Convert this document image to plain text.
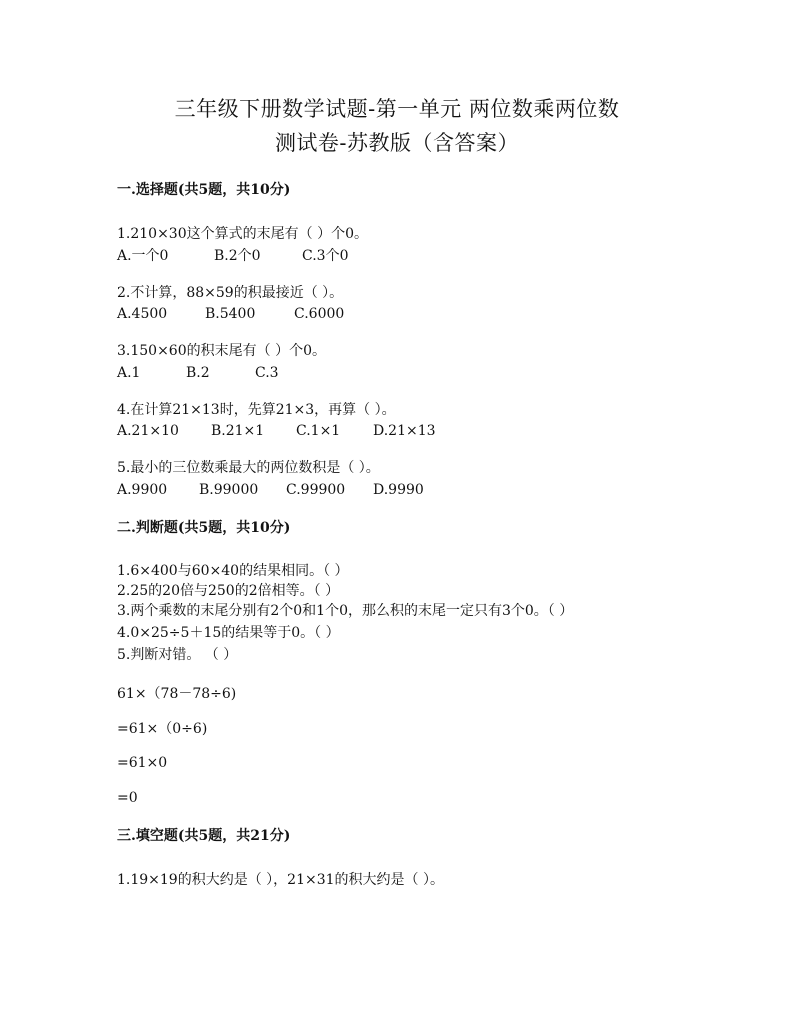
三年级下册数学试题-第一单元 两位数乘两位数
测试卷-苏教版（含答案）
一.选择题(共5题，共10分)
1.210×30这个算式的末尾有（ ）个0。
A.一个0	B.2个0	C.3个0
2.不计算，88×59的积最接近（ ）。
A.4500	B.5400	C.6000
3.150×60的积末尾有（ ）个0。
A.1	B.2	C.3
4.在计算21×13时，先算21×3，再算（ ）。
A.21×10 B.21×1 C.1×1 D.21×13
5.最小的三位数乘最大的两位数积是（ ）。
A.9900 B.99000 C.99900 D.9990
二.判断题(共5题，共10分)
1.6×400与60×40的结果相同。（ ）
2.25的20倍与250的2倍相等。（ ）
3.两个乘数的末尾分别有2个0和1个0，那么积的末尾一定只有3个0。（ ）
4.0×25÷5＋15的结果等于0。（ ）
5.判断对错。 （ ）
61×（78－78÷6)
=61×（0÷6)
=61×0
=0
三.填空题(共5题，共21分)
1.19×19的积大约是（ ），21×31的积大约是（ ）。
